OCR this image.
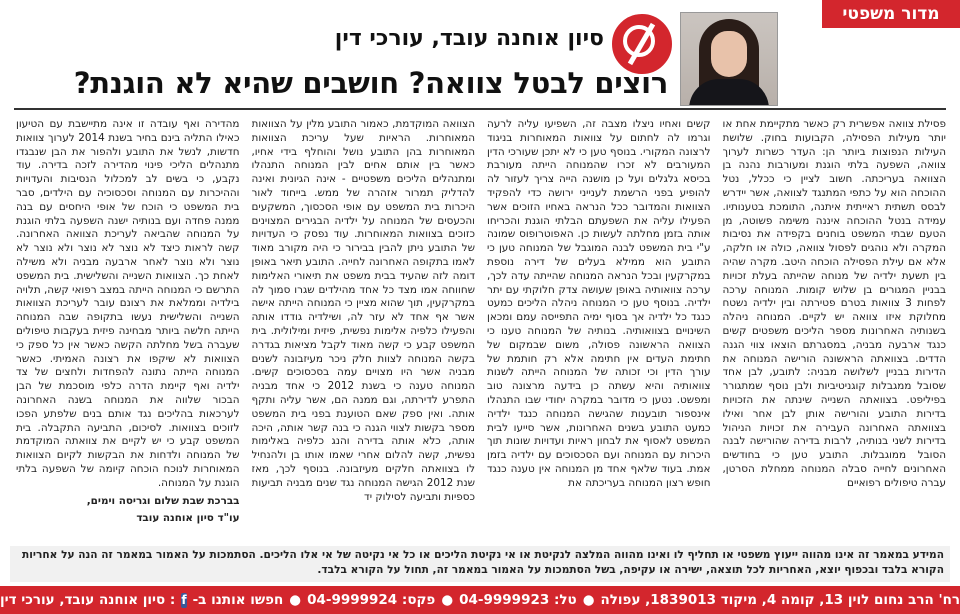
מדור משפטי
סיון אוחנה עובד, עורכי דין
רוצים לבטל צוואה? חושבים שהיא לא הוגנת?

פסילת צוואה אפשרית רק כאשר מתקיימת אחת או יותר מעילות הפסילה, הקבועות בחוק. שלושת העילות הנפוצות ביותר הן: העדר כשרות לערוך צוואה, השפעה בלתי הוגנת ומעורבות נהנה בן הצוואה בעריכתה. חשוב לציין כי ככלל, נטל ההוכחה הוא על כתפי המתנגד לצוואה, אשר יידרש לבסס תשתית ראייתית איתנה, התומכת בטענותיו. עמידה בנטל ההוכחה איננה משימה פשוטה, מן הטעם שבתי המשפט בוחנים בקפידה את נסיבות המקרה ולא נוהגים לפסול צוואה, כולה או חלקה, אלא אם עילת הפסילה הוכחה היטב. מקרה שהיה בין תשעת ילדיה של מנוחה שהייתה בעלת זכויות בבניין המגורים בן שלוש קומות. המנוחה ערכה לפחות 3 צוואות בטרם פטירתה ובין ילדיה נשטח מחלוקת איזו צוואה יש לקיים. המנוחה ניהלה בשנותיה האחרונות מספר הליכים משפטים קשים כנגד ארבעה מבניה, במסגרתם הוצאו צווי הגנה הדדים. בצוואתה הראשונה הורישה המנוחה את הדירות בבניין לשלושה מבניה: לתובע, לבן אחד שסובל ממגבלות קוגניטיביות ולבן נוסף שמתגורר בפיליפט. בצוואתה השנייה שינתה את הזכויות בדירות התובע והורישה אותן לבן אחר ואילו בצוואתה האחרונה העבירה את זכויות הניהול בדירות לשני בנותיה, לרבות בדירה שהורישה לבנה הסובל ממוגבלות. התובע טען כי בחודשים האחרונים לחייה סבלה המנוחה ממחלת הסרטן, עברה טיפולים רפואיים

קשים ואחיו ניצלו מצבה זה, השפיעו עליה לרעה וגרמו לה לחתום על צוואות המאוחרות בניגוד לרצונה המקורי. בנוסף טען כי לא יתכן שעורכי הדין המעורבים לא זכרו שהמנוחה הייתה מעורבת בכיסא גלגלים ועל כן מושנה הייה צריך לעזור לה להופיע בפני הרשמת לענייני ירושה כדי להפקיד הצוואות והמדובר ככל הנראה באחיו הזוכים אשר הפעילו עליה את השפעתם הבלתי הוגנת והכריחו אותה בזמן מחלתה לעשות כן. האפוטרופוס שמונה ע"י בית המשפט לבנה המוגבל של המנוחה טען כי התובע הוא ממילא בעלים של דירה נוספת במקרקעין ובכל הנראה המנוחה שהייתה עדה לכך, ערכה צוואותיה באופן שעושה צדק חלוקתי עם יתר ילדיה. בנוסף טען כי המנוחה ניהלה הליכים כמעט כנגד כל ילדיה אך בסוף ימיה התפייסה עמם ומכאן השינויים בצוואותיה. בנותיה של המנוחה טענו כי הצוואה הראשונה פסולה, משום שבמקום של חתימת העדים אין חתימה אלא רק חותמת של עורך הדין וכי זכותה של המנוחה הייתה לשנות צוואותיה והיא עשתה כן בידעה מרצונה טוב ומפשט. נטען כי מדובר במקרה יחודי שבו התנהלו אינספור תובענות שהגישה המנוחה כנגד ילדיה כמעט התובע בשנים האחרונות, אשר סייעו לבית המשפט לאסוף את לבחון ראיות ועדויות שונות תוך היכרות עם המנוחה ועם הסכסוכים עם ילדיה בזמן אמת. בעוד שלאף אחד מן המנוחה אין טענה כנגד חופש רצון המנוחה בעריכתה את

הצוואה המוקדמת, כאמור התובע מלין על הצוואות המאוחרות. הראיות שעל עריכת הצוואות המאוחרות בהן התובע נושל והוחלף בידי אחיו, כאשר בין אותם אחים לבין המנוחה התנהלו ומתנהלים הליכים משפטיים - אינה הגיונית ואינה להדליק תמרור אזהרה של ממש. בייחוד לאור היכרות בית המשפט עם אופי הסכסוך, המשקעים והכעסים של המנוחה על ילדיה הבגירים המצוינים כזוכים בצוואות המאוחרות. עוד נפסק כי העדויות של התובע ניתן להבין בבירור כי היה מקורב מאוד לאמו בתקופה האחרונה לחייה. התובע תיאר באופן דומה לזה שהעיד בבית משפט את תיאורי האלימות שחווחה אמו מצד כל אחד מהילדים שגרו סמוך לה במקרקעין, תוך שהוא מציין כי המנוחה הייתה אישה אשר אף אחד לא עזר לה, ושילדיה גודדו אותה והפעילו כלפיה אלימות נפשית, פיזית ומילולית. בית המשפט קבע כי קשה מאוד לקבל מציאות בגדרה בקשה המנוחה לצוות חלק ניכר מעיזבונה לשנים מבניה אשר היו מצויים עמה בסכסוכים קשים. המנוחה טענה כי בשנת 2012 כי אחד מבניה התפרע לדירתה, וגם ממנה הם, אשר עליה ותקף אותה. ואין ספק שאם הטוענת בפני בית המשפט מספר בקשות לצווי הגנה כי בנה קשר אותה, היכה אותה, כלא אותה בדירה והנג כלפיה באלימות נפשית, קשה להלום אחרי שאמו אותו בן ולהנחיל לו בצוואתה חלקים מעיזבונה. בנוסף לכך, מאז שנת 2012 הגישה המנוחה נגד שנים מבניה תביעות כספיות ותביעה לסילוק יד

מהדירה ואף עובדה זו אינה מתיישבת עם הטיעון כאילו התליה בינם בחיר בשנת 2014 לערוך צוואות חדשות, לנשל את התובע ולהפור את הבן שנבגדו מתנהלים הליכי פינוי מהדירה לזכה בדירה. עוד נקבע, כי בשים לב למכלול הנסיבות והעדויות וההיכרות עם המנוחה וסכסוכיה עם הילדים, סבר בית המשפט כי הוכח של אופי היחסים עם בנה ממנה פחדה ועם בנותיה ישנה השפעה בלתי הוגנת על המנוחה שהביאה לעריכת הצוואה האחרונה. קשה לראות כיצד לא נוצר לא נוצר ולא נוצר לא נוצר ולא נוצר לאחר ארבעה מבניה ולא משילה לאחת כך. הצוואות השנייה והשלישית. בית המשפט התרשם כי המנוחה הייתה במצב רפואי קשה, תלויה בילדיה וממלאת את רצונם עובר לעריכת הצוואות השנייה והשלישית נעשו בתקופה שבה המנוחה הייתה חלשה ביותר מבחינה פיזית בעקבות טיפולים שעברה בשל מחלתה הקשה כאשר אין כל ספק כי הצוואות לא שיקפו את רצונה האמיתי. כאשר המנוחה הייתה נתונה להפחדות ולחצים של צד ילדיה ואף קיימת הדרה כלפי מוסכמת של הבן הבכור שלווה את המנוחה בשנה האחרונה לערכאות בהליכים נגד אותם בנים שלפתע הפכו לזוכים בצוואות. לסיכום, התביעה התקבלה. בית המשפט קבע כי יש לקיים את צוואתה המוקדמת של המנוחה ולדחות את הבקשות לקיום הצוואות המאוחרות לנוכח הוכחה קיומה של השפעה בלתי הוגנת על המנוחה.

בברכת שבת שלום וגריסה וימים,

עו"ד סיון אוחנה עובד

המידע במאמר זה אינו מהווה ייעוץ משפטי או תחליף לו ואינו מהווה המלצה לנקיטת או אי נקיטת הליכים או כל אי נקיטה של אי אלו הליכים. הסתמכות על האמור במאמר זה הנה על אחריות הקורא בלבד ובכפוף יוצא, האחריות לכל תוצאה, ישירה או עקיפה, בשל הסתמכות על האמור במאמר זה, תחול על הקורא בלבד.
רח' הרב נחום לוין 13, קומה 4, מיקוד 1839013, עפולה
●
טל: 04-9999923
●
פקס: 04-9999924
●
חפשו אותנו ב-
f
: סיון אוחנה עובד, עורכי דין
